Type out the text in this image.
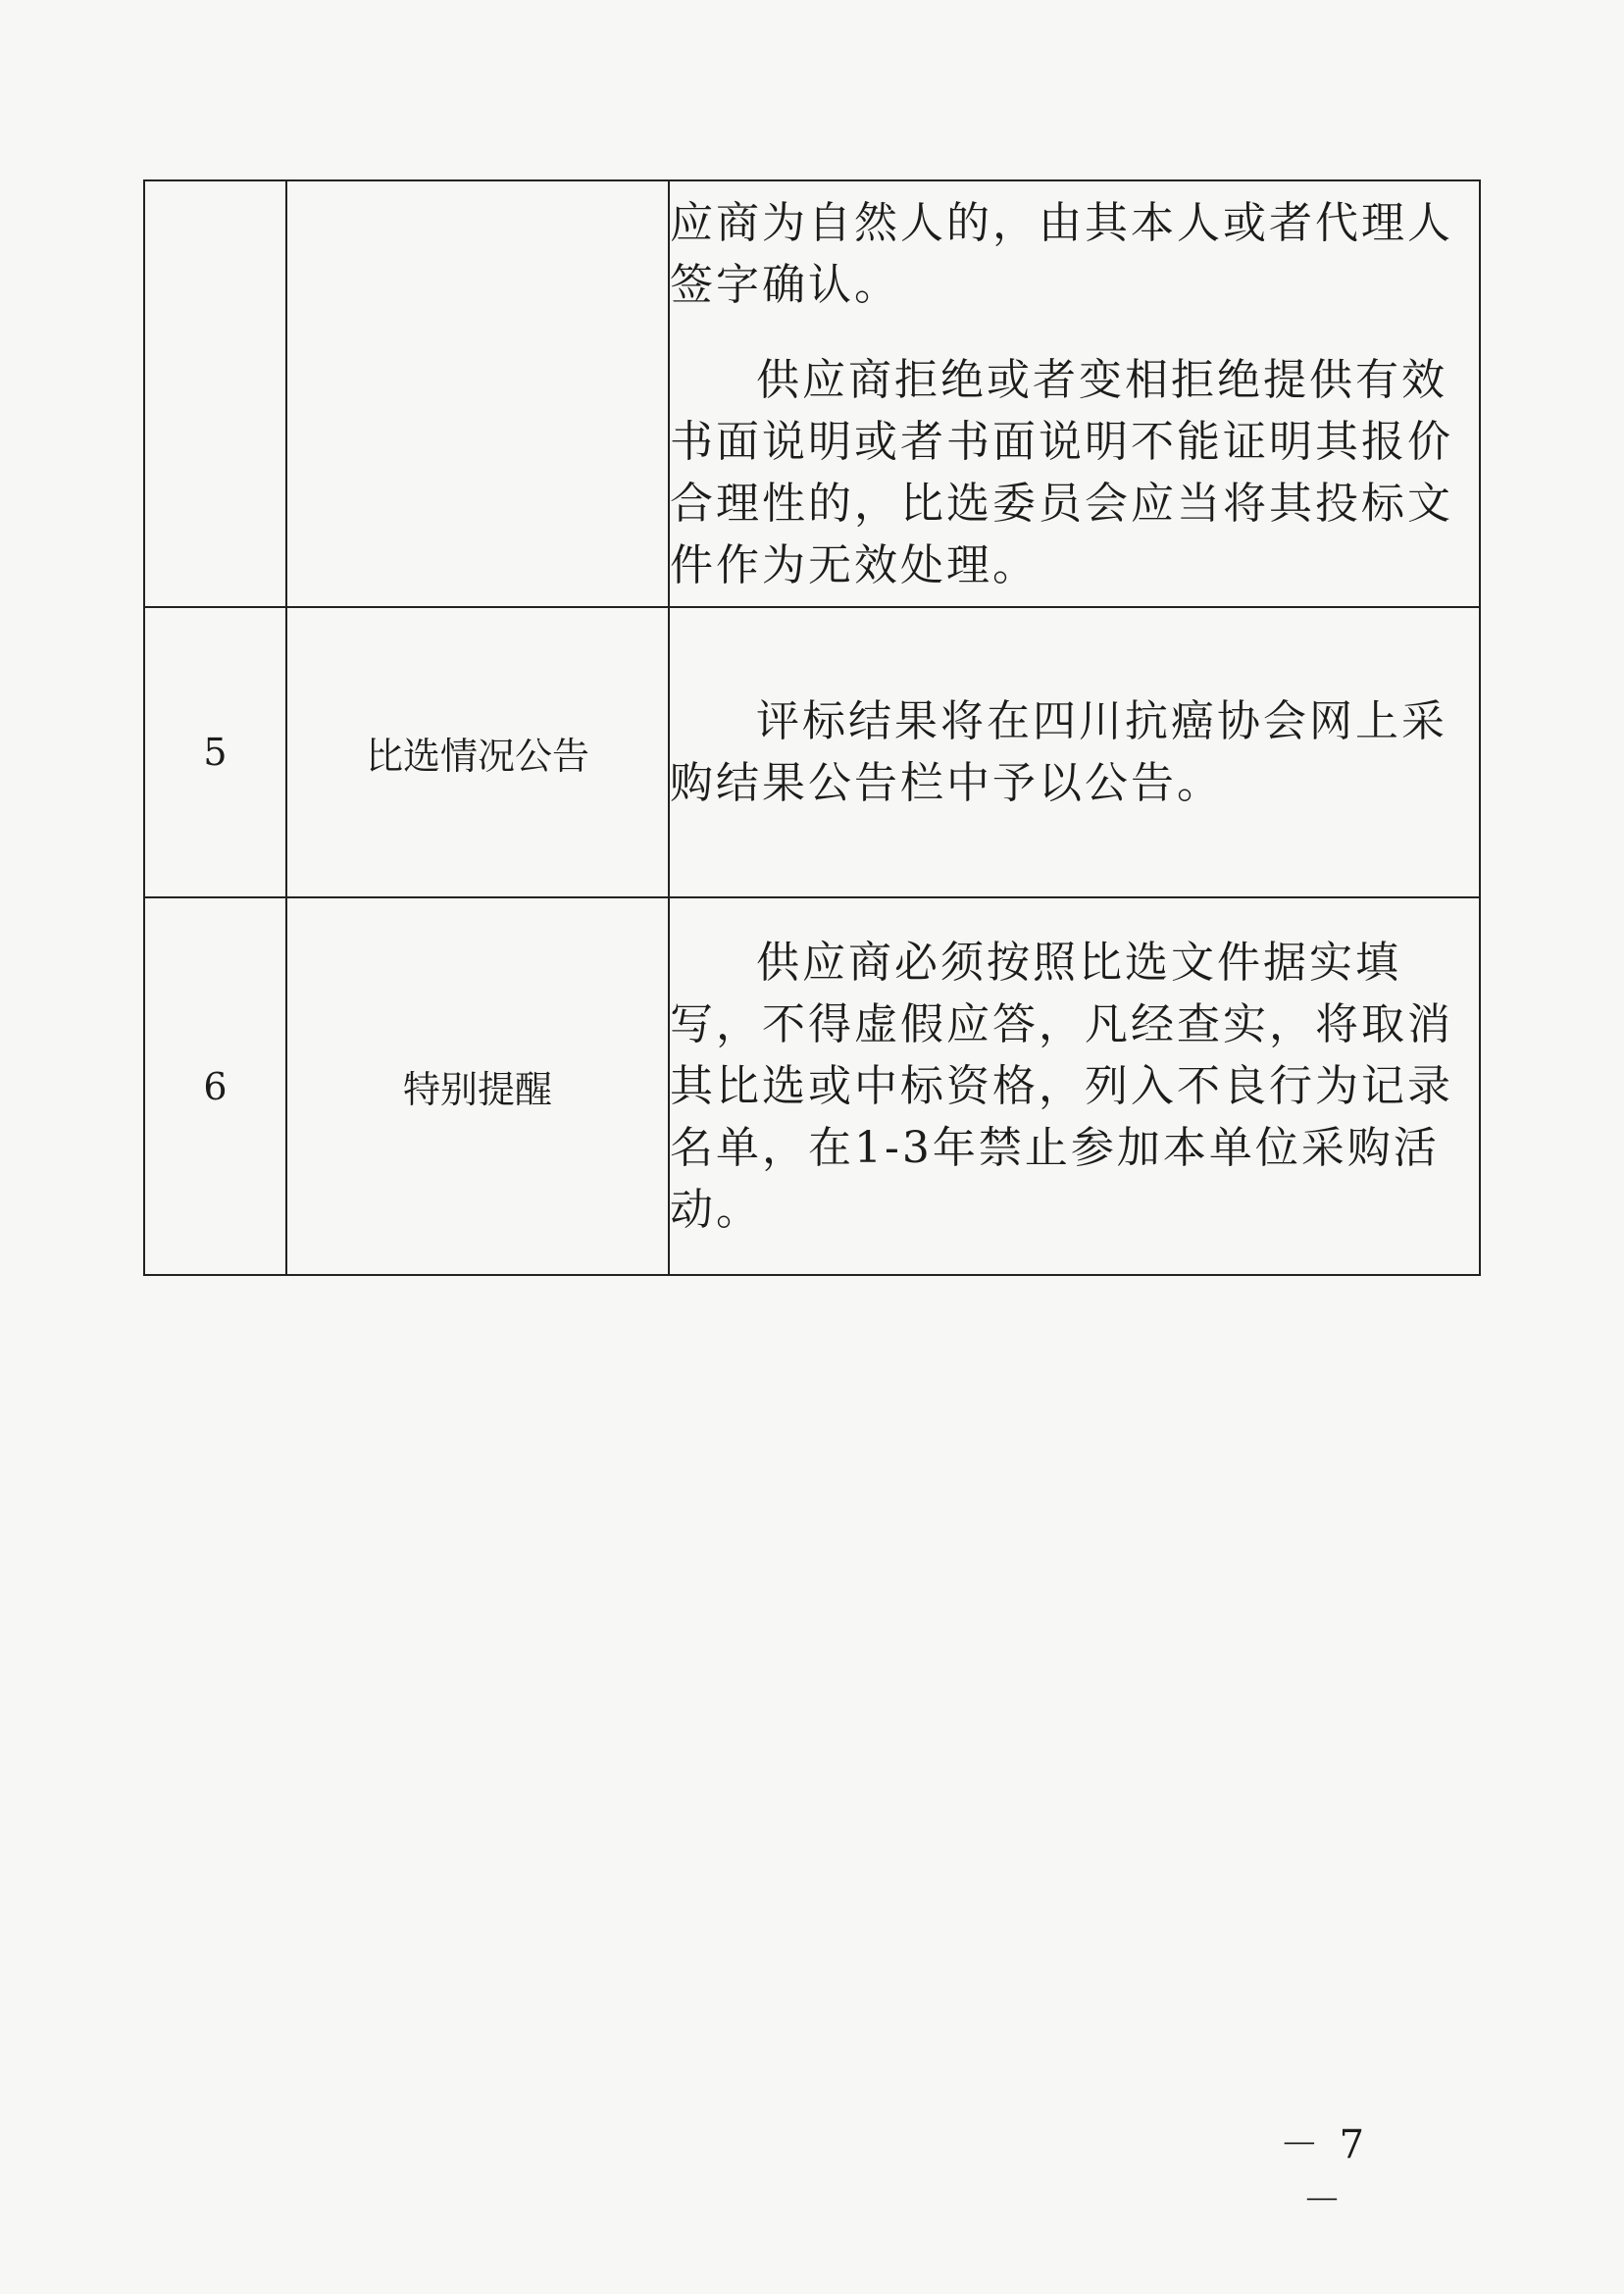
		应商为自然人的，由其本人或者代理人签字确认。

供应商拒绝或者变相拒绝提供有效书面说明或者书面说明不能证明其报价合理性的，比选委员会应当将其投标文件作为无效处理。

5	比选情况公告	评标结果将在四川抗癌协会网上采购结果公告栏中予以公告。

6	特别提醒	供应商必须按照比选文件据实填写，不得虚假应答，凡经查实，将取消其比选或中标资格，列入不良行为记录名单，在1-3年禁止参加本单位采购活动。

－ 7 －
